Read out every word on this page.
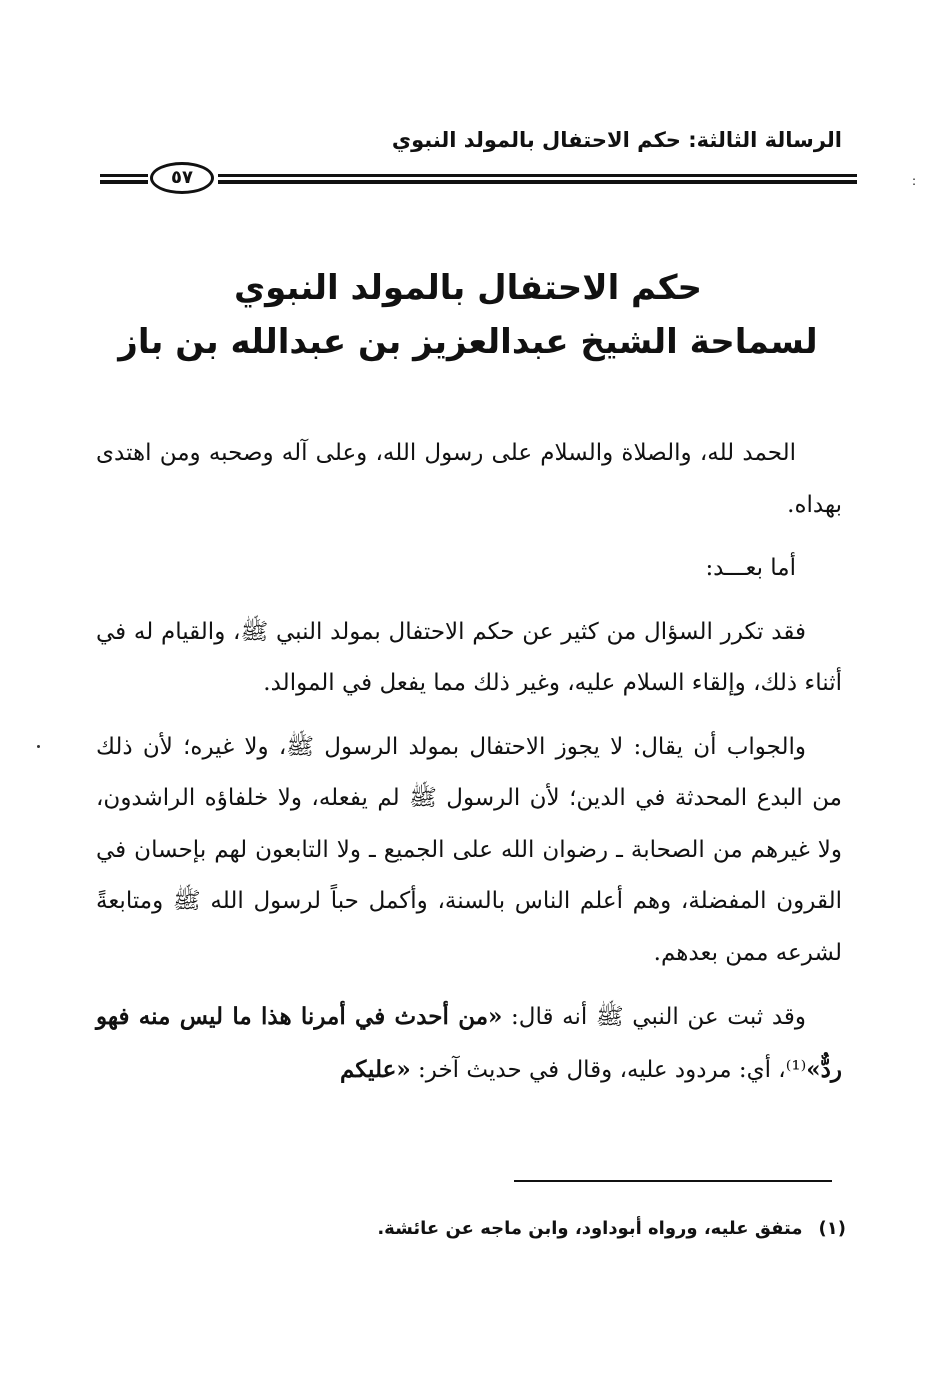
الرسالة الثالثة: حكم الاحتفال بالمولد النبوي
٥٧	:
حكم الاحتفال بالمولد النبوي
لسماحة الشيخ عبدالعزيز بن عبدالله بن باز

الحمد لله، والصلاة والسلام على رسول الله، وعلى آله وصحبه ومن اهتدى بهداه.

أما بعـــد:

فقد تكرر السؤال من كثير عن حكم الاحتفال بمولد النبي ﷺ، والقيام له في أثناء ذلك، وإلقاء السلام عليه، وغير ذلك مما يفعل في الموالد.

والجواب أن يقال: لا يجوز الاحتفال بمولد الرسول ﷺ، ولا غيره؛ لأن ذلك من البدع المحدثة في الدين؛ لأن الرسول ﷺ لم يفعله، ولا خلفاؤه الراشدون، ولا غيرهم من الصحابة ـ رضوان الله على الجميع ـ ولا التابعون لهم بإحسان في القرون المفضلة، وهم أعلم الناس بالسنة، وأكمل حباً لرسول الله ﷺ ومتابعةً لشرعه ممن بعدهم.

وقد ثبت عن النبي ﷺ أنه قال: «من أحدث في أمرنا هذا ما ليس منه فهو ردٌّ»⁽¹⁾، أي: مردود عليه، وقال في حديث آخر: «عليكم

(١)متفق عليه، ورواه أبوداود، وابن ماجه عن عائشة.
